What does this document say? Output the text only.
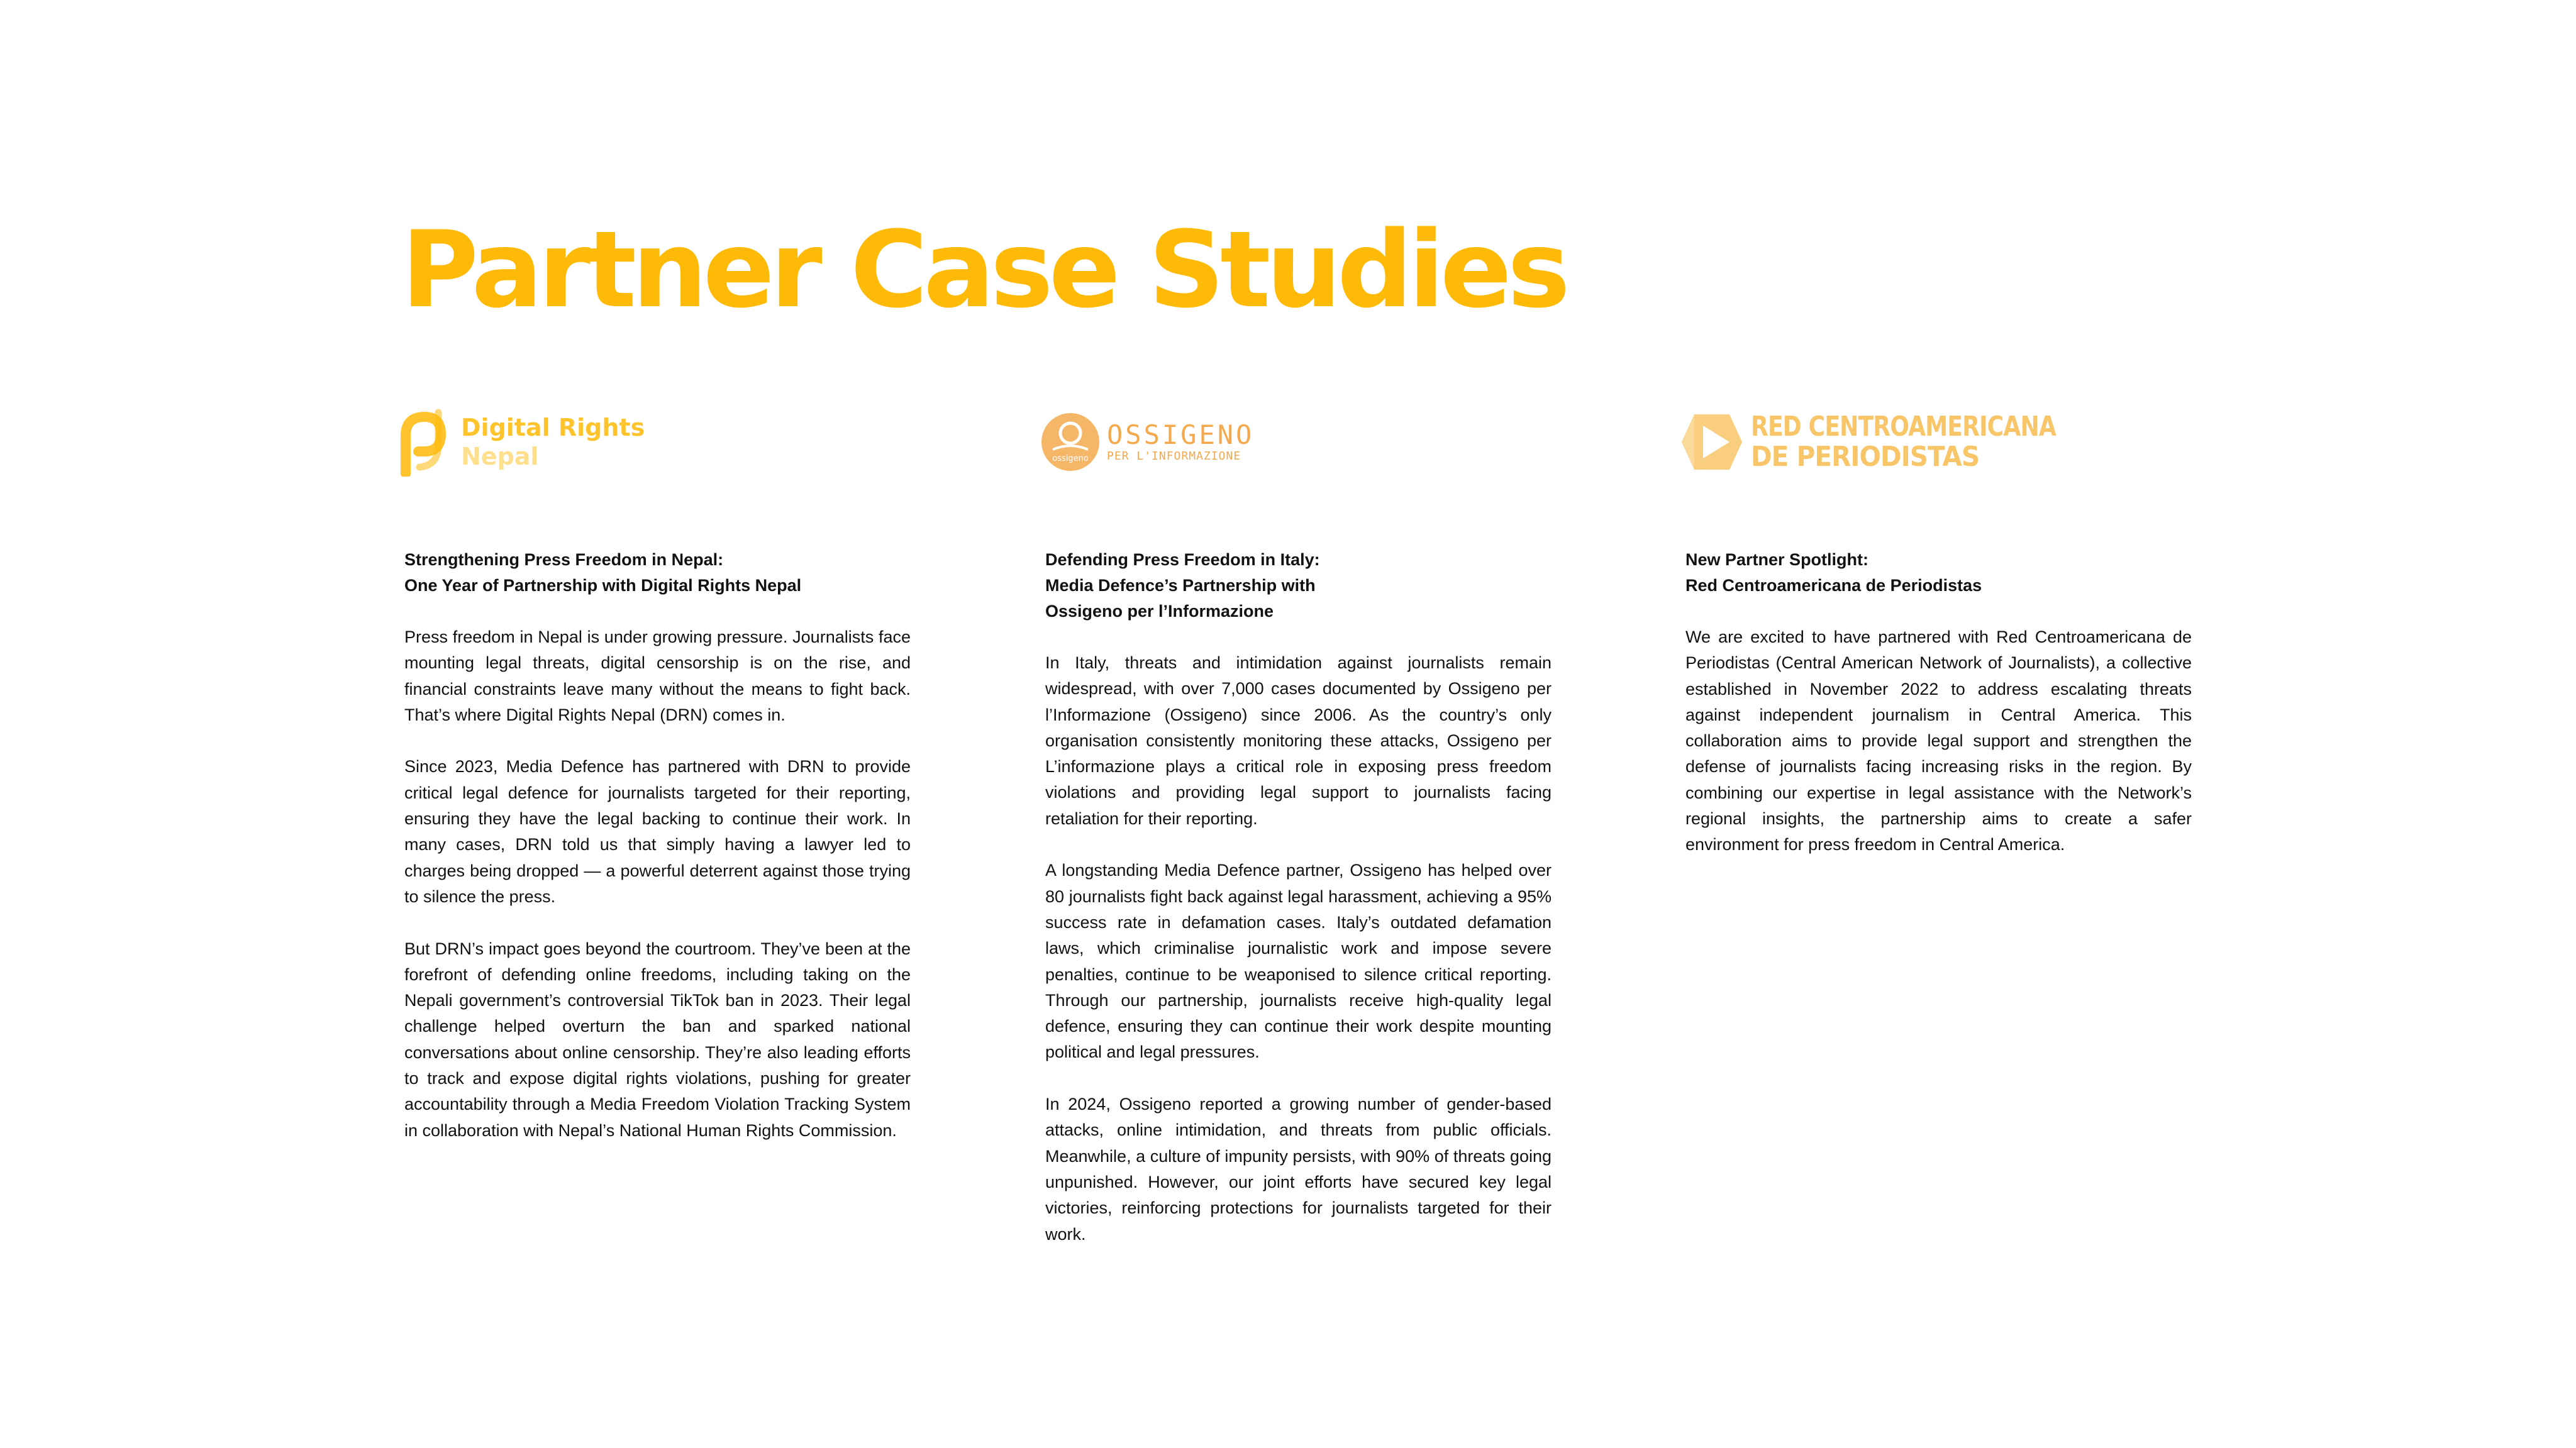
Partner Case Studies
Digital Rights
Nepal
Strengthening Press Freedom in Nepal:
One Year of Partnership with Digital Rights Nepal

Press freedom in Nepal is under growing pressure. Journalists face mounting legal threats, digital censorship is on the rise, and financial constraints leave many without the means to fight back. That’s where Digital Rights Nepal (DRN) comes in.

Since 2023, Media Defence has partnered with DRN to provide critical legal defence for journalists targeted for their reporting, ensuring they have the legal backing to continue their work. In many cases, DRN told us that simply having a lawyer led to charges being dropped — a powerful deterrent against those trying to silence the press.

But DRN’s impact goes beyond the courtroom. They’ve been at the forefront of defending online freedoms, including taking on the Nepali government’s controversial TikTok ban in 2023. Their legal challenge helped overturn the ban and sparked national conversations about online censorship. They’re also leading efforts to track and expose digital rights violations, pushing for greater accountability through a Media Freedom Violation Tracking System in collaboration with Nepal’s National Human Rights Commission.

ossigeno
OSSIGENO
PER L'INFORMAZIONE
Defending Press Freedom in Italy:
Media Defence’s Partnership with
Ossigeno per l’Informazione

In Italy, threats and intimidation against journalists remain widespread, with over 7,000 cases documented by Ossigeno per l’Informazione (Ossigeno) since 2006. As the country’s only organisation consistently monitoring these attacks, Ossigeno per L’informazione plays a critical role in exposing press freedom violations and providing legal support to journalists facing retaliation for their reporting.

A longstanding Media Defence partner, Ossigeno has helped over 80 journalists fight back against legal harassment, achieving a 95% success rate in defamation cases. Italy’s outdated defamation laws, which criminalise journalistic work and impose severe penalties, continue to be weaponised to silence critical reporting. Through our partnership, journalists receive high-quality legal defence, ensuring they can continue their work despite mounting political and legal pressures.

In 2024, Ossigeno reported a growing number of gender-based attacks, online intimidation, and threats from public officials. Meanwhile, a culture of impunity persists, with 90% of threats going unpunished. However, our joint efforts have secured key legal victories, reinforcing protections for journalists targeted for their work.

RED CENTROAMERICANA
DE PERIODISTAS
New Partner Spotlight:
Red Centroamericana de Periodistas

We are excited to have partnered with Red Centroamericana de Periodistas (Central American Network of Journalists), a collective established in November 2022 to address escalating threats against independent journalism in Central America. This collaboration aims to provide legal support and strengthen the defense of journalists facing increasing risks in the region. By combining our expertise in legal assistance with the Network’s regional insights, the partnership aims to create a safer environment for press freedom in Central America.
